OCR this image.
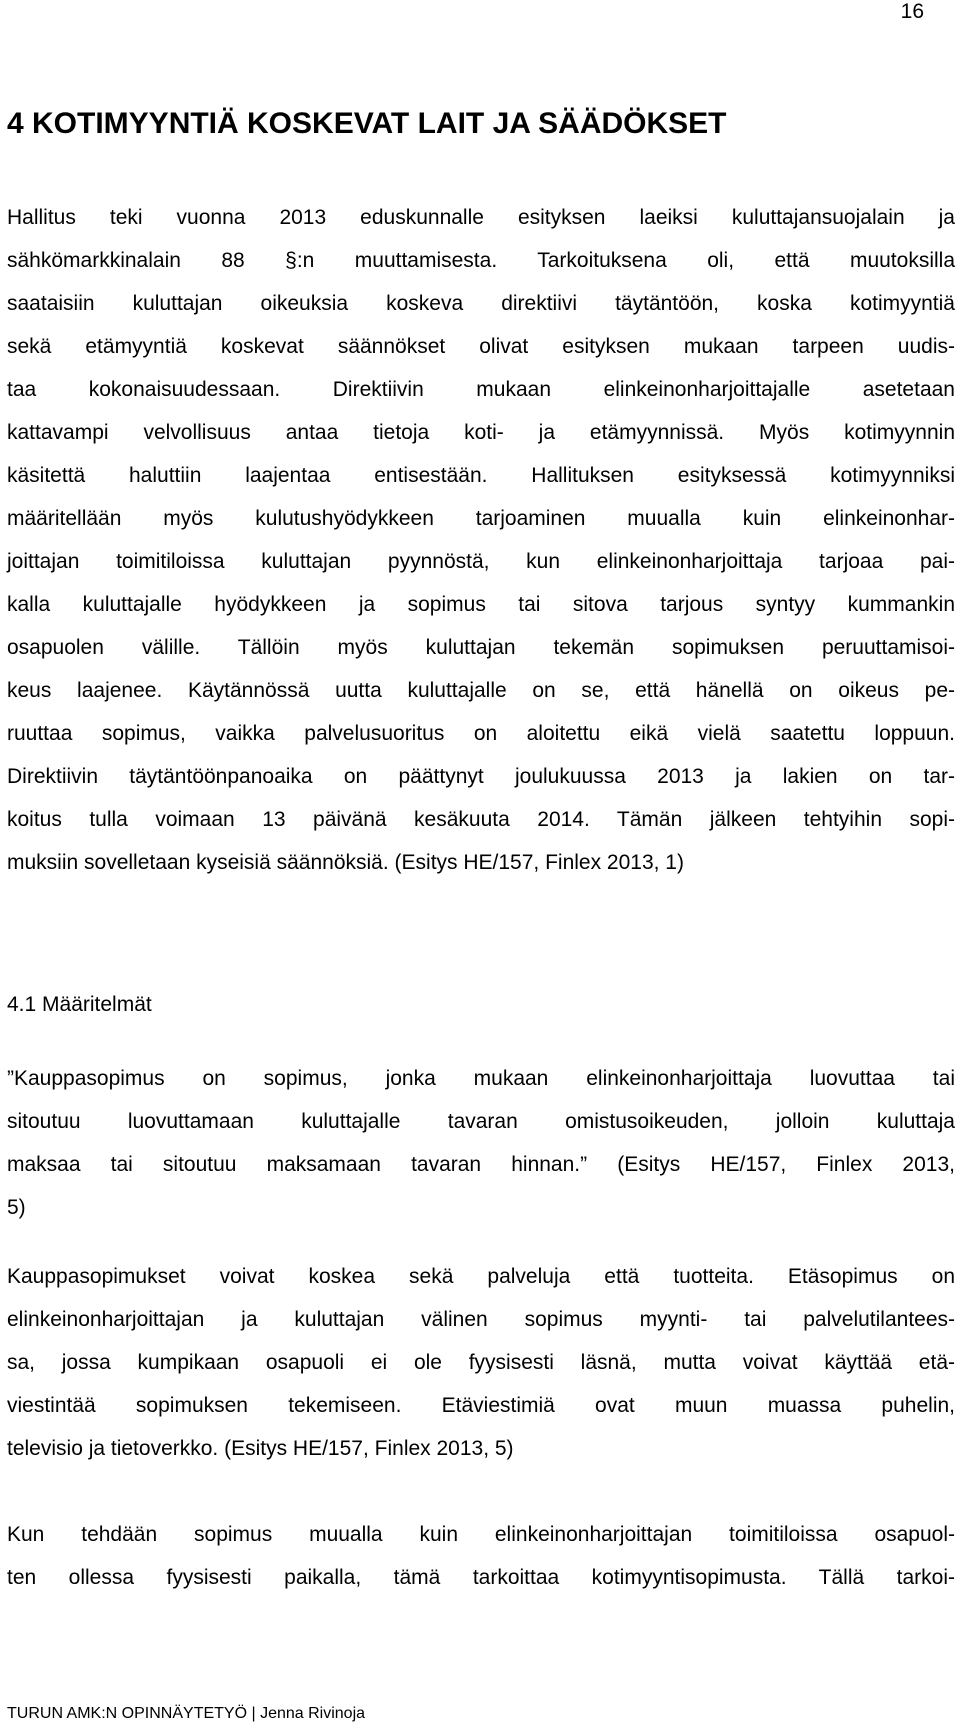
16
4 KOTIMYYNTIÄ KOSKEVAT LAIT JA SÄÄDÖKSET
Hallitus teki vuonna 2013 eduskunnalle esityksen laeiksi kuluttajansuojalain ja
sähkömarkkinalain 88 §:n muuttamisesta. Tarkoituksena oli, että muutoksilla
saataisiin kuluttajan oikeuksia koskeva direktiivi täytäntöön, koska kotimyyntiä
sekä etämyyntiä koskevat säännökset olivat esityksen mukaan tarpeen uudis-
taa kokonaisuudessaan. Direktiivin mukaan elinkeinonharjoittajalle asetetaan
kattavampi velvollisuus antaa tietoja koti- ja etämyynnissä. Myös kotimyynnin
käsitettä haluttiin laajentaa entisestään. Hallituksen esityksessä kotimyynniksi
määritellään myös kulutushyödykkeen tarjoaminen muualla kuin elinkeinonhar-
joittajan toimitiloissa kuluttajan pyynnöstä, kun elinkeinonharjoittaja tarjoaa pai-
kalla kuluttajalle hyödykkeen ja sopimus tai sitova tarjous syntyy kummankin
osapuolen välille. Tällöin myös kuluttajan tekemän sopimuksen peruuttamisoi-
keus laajenee. Käytännössä uutta kuluttajalle on se, että hänellä on oikeus pe-
ruuttaa sopimus, vaikka palvelusuoritus on aloitettu eikä vielä saatettu loppuun.
Direktiivin täytäntöönpanoaika on päättynyt joulukuussa 2013 ja lakien on tar-
koitus tulla voimaan 13 päivänä kesäkuuta 2014. Tämän jälkeen tehtyihin sopi-
muksiin sovelletaan kyseisiä säännöksiä. (Esitys HE/157, Finlex 2013, 1)
4.1 Määritelmät
”Kauppasopimus on sopimus, jonka mukaan elinkeinonharjoittaja luovuttaa tai
sitoutuu luovuttamaan kuluttajalle tavaran omistusoikeuden, jolloin kuluttaja
maksaa tai sitoutuu maksamaan tavaran hinnan.” (Esitys HE/157, Finlex 2013,
5)
Kauppasopimukset voivat koskea sekä palveluja että tuotteita. Etäsopimus on
elinkeinonharjoittajan ja kuluttajan välinen sopimus myynti- tai palvelutilantees-
sa, jossa kumpikaan osapuoli ei ole fyysisesti läsnä, mutta voivat käyttää etä-
viestintää sopimuksen tekemiseen. Etäviestimiä ovat muun muassa puhelin,
televisio ja tietoverkko. (Esitys HE/157, Finlex 2013, 5)
Kun tehdään sopimus muualla kuin elinkeinonharjoittajan toimitiloissa osapuol-
ten ollessa fyysisesti paikalla, tämä tarkoittaa kotimyyntisopimusta. Tällä tarkoi-
TURUN AMK:N OPINNÄYTETYÖ | Jenna Rivinoja
